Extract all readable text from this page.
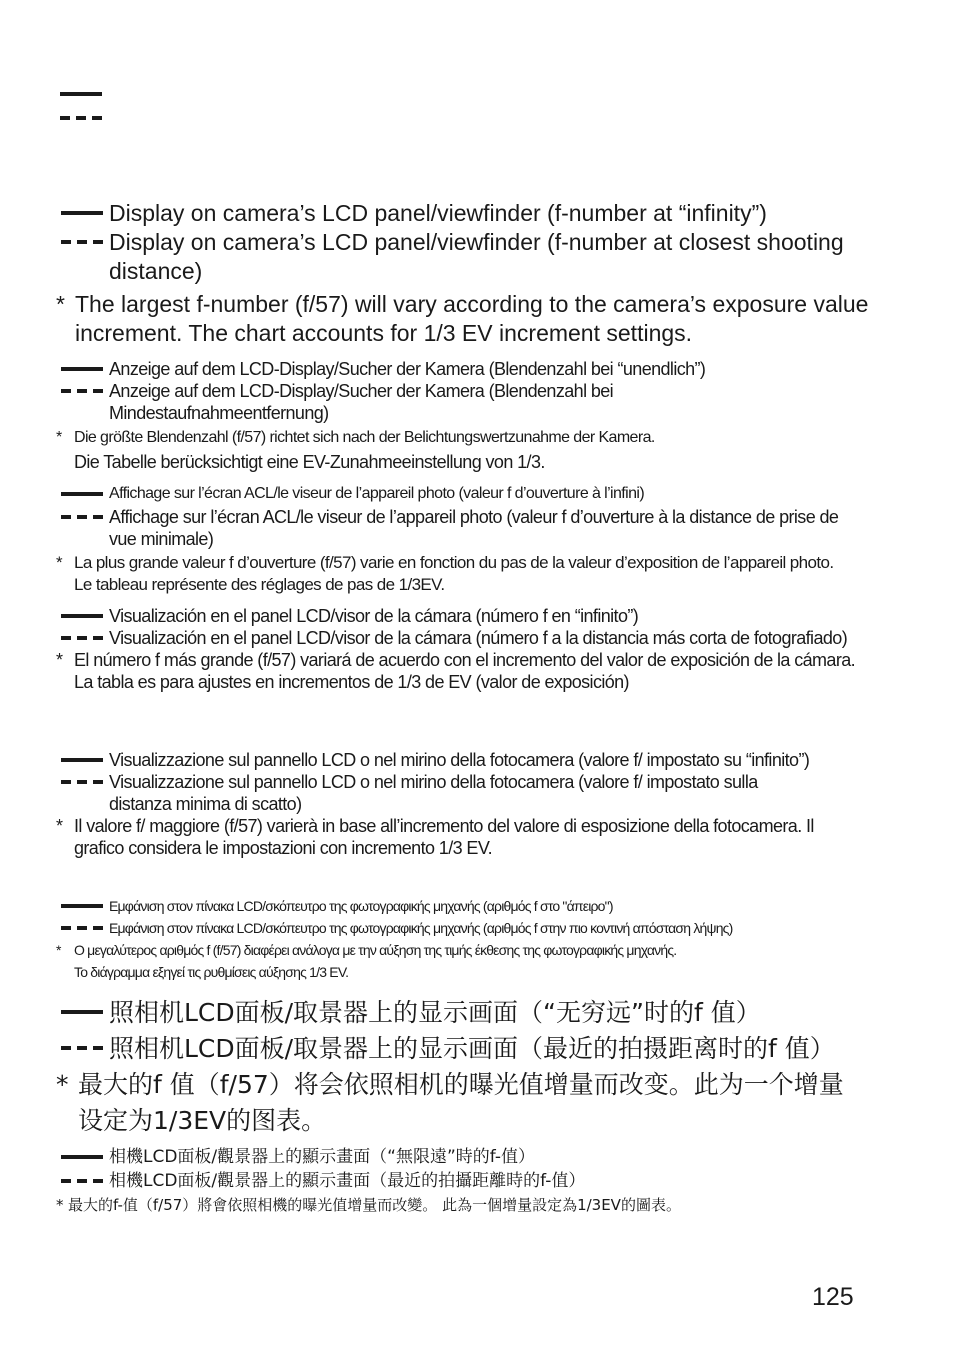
Display on camera’s LCD panel/viewfinder (f-number at “infinity”)
Display on camera’s LCD panel/viewfinder (f-number at closest shooting distance)
* The largest f-number (f/57) will vary according to the camera’s exposure value increment. The chart accounts for 1/3 EV increment settings.
Anzeige auf dem LCD-Display/Sucher der Kamera (Blendenzahl bei “unendlich”)
Anzeige auf dem LCD-Display/Sucher der Kamera (Blendenzahl bei Mindestaufnahmeentfernung)
* Die größte Blendenzahl (f/57) richtet sich nach der Belichtungswertzunahme der Kamera.
Die Tabelle berücksichtigt eine EV-Zunahmeeinstellung von 1/3.
Affichage sur l’écran ACL/le viseur de l’appareil photo (valeur f d’ouverture à l’infini)
Affichage sur l’écran ACL/le viseur de l’appareil photo (valeur f d’ouverture à la distance de prise de vue minimale)
* La plus grande valeur f d’ouverture (f/57) varie en fonction du pas de la valeur d’exposition de l’appareil photo. Le tableau représente des réglages de pas de 1/3EV.
Visualización en el panel LCD/visor de la cámara (número f en “infinito”)
Visualización en el panel LCD/visor de la cámara (número f a la distancia más corta de fotografiado)
* El número f más grande (f/57) variará de acuerdo con el incremento del valor de exposición de la cámara. La tabla es para ajustes en incrementos de 1/3 de EV (valor de exposición)
Visualizzazione sul pannello LCD o nel mirino della fotocamera (valore f/ impostato su “infinito”)
Visualizzazione sul pannello LCD o nel mirino della fotocamera (valore f/ impostato sulla distanza minima di scatto)
* Il valore f/ maggiore (f/57) varierà in base all’incremento del valore di esposizione della fotocamera. Il grafico considera le impostazioni con incremento 1/3 EV.
Εμφάνιση στον πίνακα LCD/σκόπευτρο της φωτογραφικής μηχανής (αριθμός f στο "άπειρο")
Εμφάνιση στον πίνακα LCD/σκόπευτρο της φωτογραφικής μηχανής (αριθμός f στην πιο κοντινή απόσταση λήψης)
* Ο μεγαλύτερος αριθμός f (f/57) διαφέρει ανάλογα με την αύξηση της τιμής έκθεσης της φωτογραφικής μηχανής.
Το διάγραμμα εξηγεί τις ρυθμίσεις αύξησης 1/3 EV.
照相机LCD面板/取景器上的显示画面（“无穷远”时的f 值）
照相机LCD面板/取景器上的显示画面（最近的拍摄距离时的f 值）
* 最大的f 值（f/57）将会依照相机的曝光值增量而改变。此为一个增量设定为1/3EV的图表。
相機LCD面板/觀景器上的顯示畫面（“無限遠”時的f-值）
相機LCD面板/觀景器上的顯示畫面（最近的拍攝距離時的f-值）
* 最大的f-值（f/57）將會依照相機的曝光值增量而改變。 此為一個增量設定為1/3EV的圖表。
125
